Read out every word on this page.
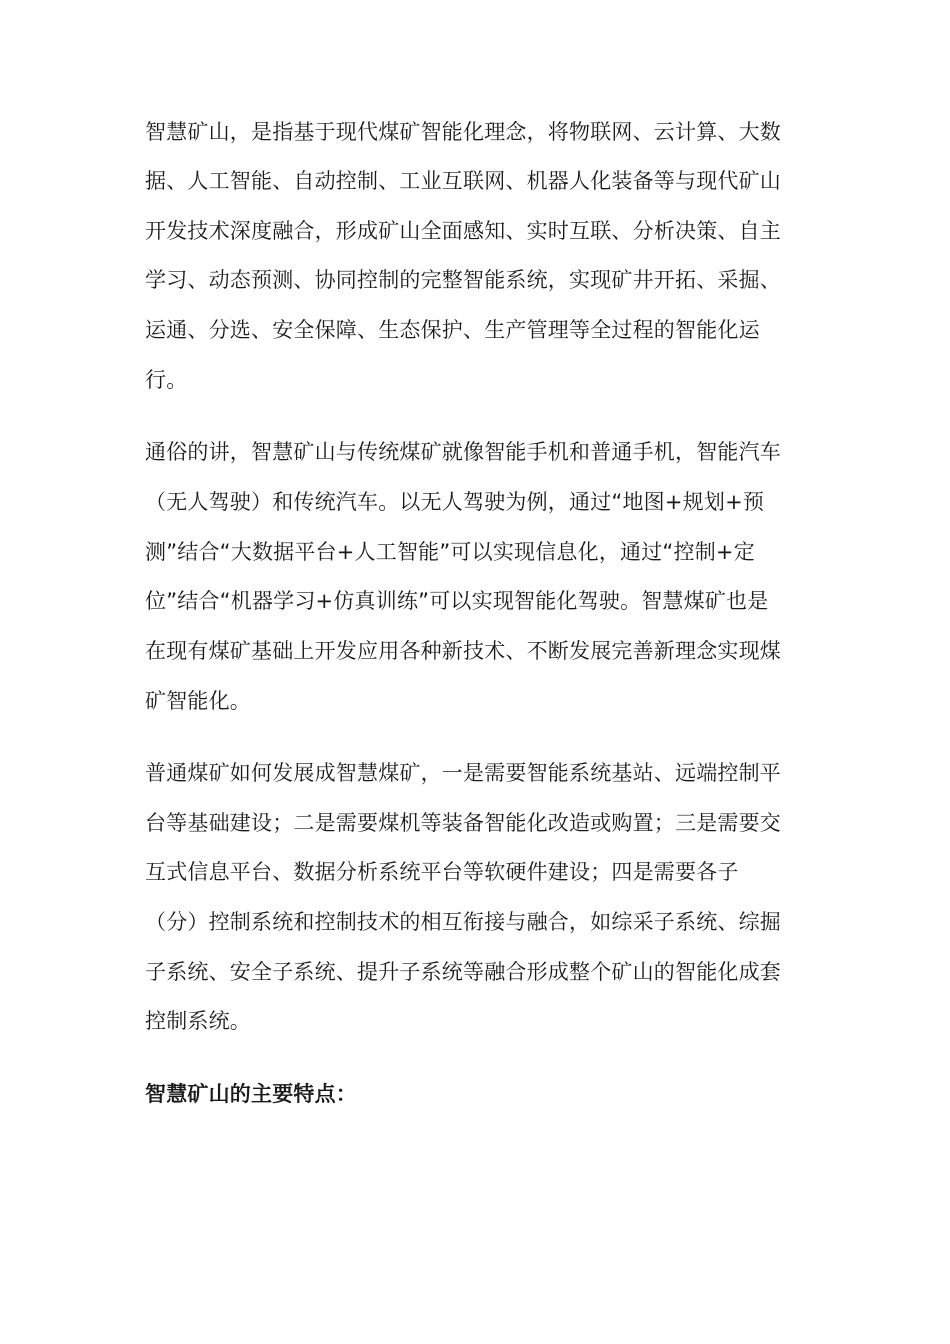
智慧矿山，是指基于现代煤矿智能化理念，将物联网、云计算、大数
据、人工智能、自动控制、工业互联网、机器人化装备等与现代矿山
开发技术深度融合，形成矿山全面感知、实时互联、分析决策、自主
学习、动态预测、协同控制的完整智能系统，实现矿井开拓、采掘、
运通、分选、安全保障、生态保护、生产管理等全过程的智能化运
行。
通俗的讲，智慧矿山与传统煤矿就像智能手机和普通手机，智能汽车
（无人驾驶）和传统汽车。以无人驾驶为例，通过“地图+规划+预
测”结合“大数据平台+人工智能”可以实现信息化，通过“控制+定
位”结合“机器学习+仿真训练”可以实现智能化驾驶。智慧煤矿也是
在现有煤矿基础上开发应用各种新技术、不断发展完善新理念实现煤
矿智能化。
普通煤矿如何发展成智慧煤矿，一是需要智能系统基站、远端控制平
台等基础建设；二是需要煤机等装备智能化改造或购置；三是需要交
互式信息平台、数据分析系统平台等软硬件建设；四是需要各子
（分）控制系统和控制技术的相互衔接与融合，如综采子系统、综掘
子系统、安全子系统、提升子系统等融合形成整个矿山的智能化成套
控制系统。
智慧矿山的主要特点：
